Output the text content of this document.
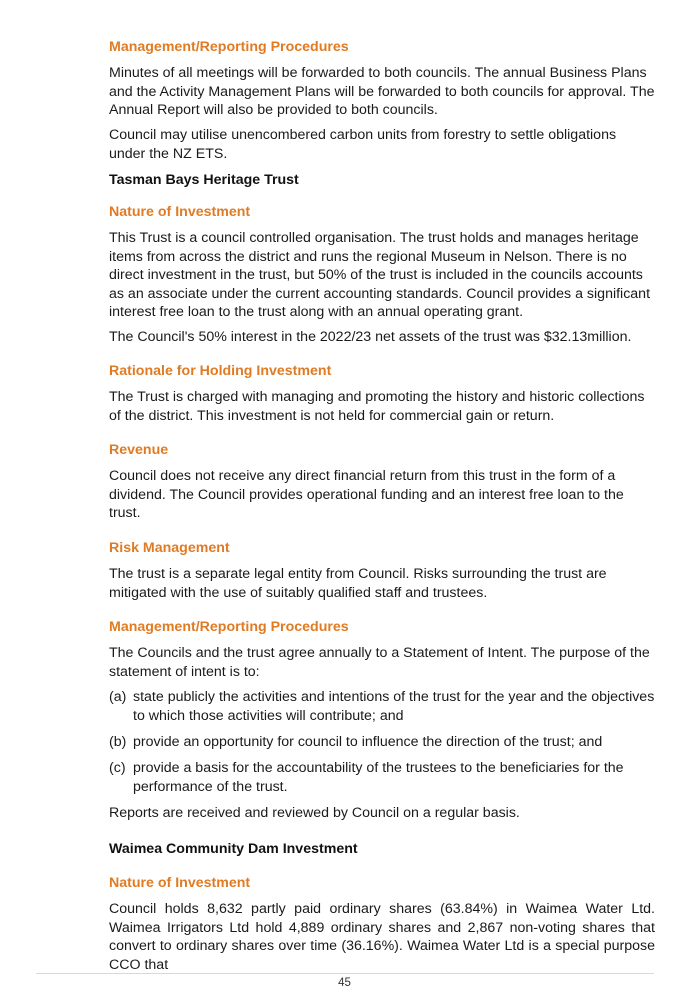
Management/Reporting Procedures

Minutes of all meetings will be forwarded to both councils. The annual Business Plans and the Activity Management Plans will be forwarded to both councils for approval. The Annual Report will also be provided to both councils.

Council may utilise unencombered carbon units from forestry to settle obligations under the NZ ETS.

Tasman Bays Heritage Trust
Nature of Investment

This Trust is a council controlled organisation. The trust holds and manages heritage items from across the district and runs the regional Museum in Nelson. There is no direct investment in the trust, but 50% of the trust is included in the councils accounts as an associate under the current accounting standards. Council provides a significant interest free loan to the trust along with an annual operating grant.

The Council's 50% interest in the 2022/23 net assets of the trust was $32.13million.

Rationale for Holding Investment

The Trust is charged with managing and promoting the history and historic collections of the district. This investment is not held for commercial gain or return.

Revenue

Council does not receive any direct financial return from this trust in the form of a dividend. The Council provides operational funding and an interest free loan to the trust.

Risk Management

The trust is a separate legal entity from Council. Risks surrounding the trust are mitigated with the use of suitably qualified staff and trustees.

Management/Reporting Procedures

The Councils and the trust agree annually to a Statement of Intent. The purpose of the statement of intent is to:

(a) state publicly the activities and intentions of the trust for the year and the objectives to which those activities will contribute; and
(b) provide an opportunity for council to influence the direction of the trust; and
(c) provide a basis for the accountability of the trustees to the beneficiaries for the performance of the trust.

Reports are received and reviewed by Council on a regular basis.

Waimea Community Dam Investment
Nature of Investment

Council holds 8,632 partly paid ordinary shares (63.84%) in Waimea Water Ltd. Waimea Irrigators Ltd hold 4,889 ordinary shares and 2,867 non-voting shares that convert to ordinary shares over time (36.16%). Waimea Water Ltd is a special purpose CCO that

45
